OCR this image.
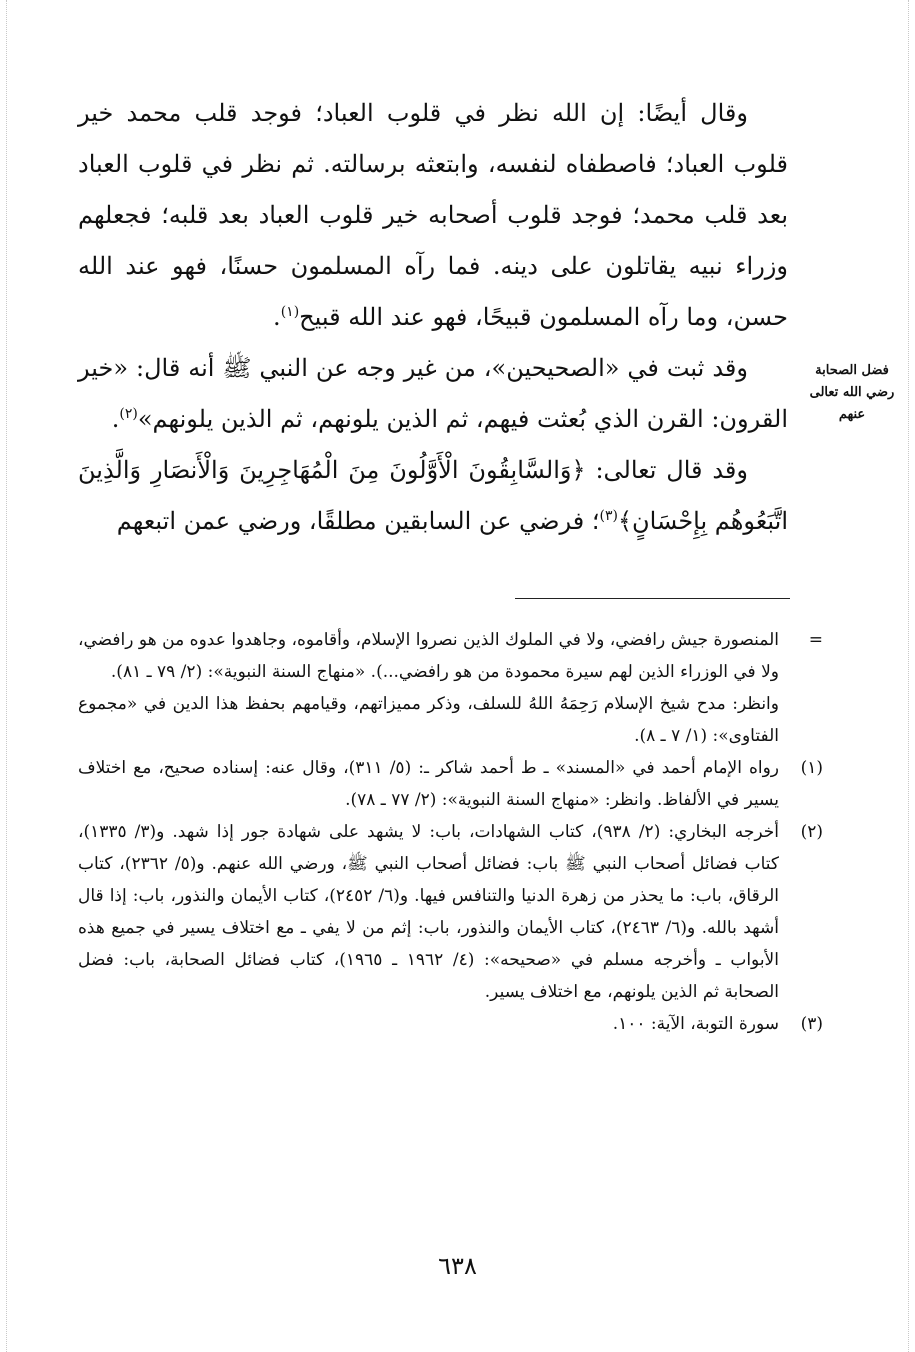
فضل الصحابة
رضي الله تعالى عنهم

وقال أيضًا: إن الله نظر في قلوب العباد؛ فوجد قلب محمد خير قلوب العباد؛ فاصطفاه لنفسه، وابتعثه برسالته. ثم نظر في قلوب العباد بعد قلب محمد؛ فوجد قلوب أصحابه خير قلوب العباد بعد قلبه؛ فجعلهم وزراء نبيه يقاتلون على دينه. فما رآه المسلمون حسنًا، فهو عند الله حسن، وما رآه المسلمون قبيحًا، فهو عند الله قبيح$^{(١)}$.

وقد ثبت في «الصحيحين»، من غير وجه عن النبي ﷺ أنه قال: «خير القرون: القرن الذي بُعثت فيهم، ثم الذين يلونهم، ثم الذين يلونهم»$^{(٢)}$.

وقد قال تعالى: ﴿وَالسَّابِقُونَ الْأَوَّلُونَ مِنَ الْمُهَاجِرِينَ وَالْأَنصَارِ وَالَّذِينَ اتَّبَعُوهُم بِإِحْسَانٍ﴾$^{(٣)}$؛ فرضي عن السابقين مطلقًا، ورضي عمن اتبعهم

=

المنصورة جيش رافضي، ولا في الملوك الذين نصروا الإسلام، وأقاموه، وجاهدوا عدوه من هو رافضي، ولا في الوزراء الذين لهم سيرة محمودة من هو رافضي...). «منهاج السنة النبوية»: (٢/ ٧٩ ـ ٨١).

وانظر: مدح شيخ الإسلام رَحِمَهُ اللهُ للسلف، وذكر مميزاتهم، وقيامهم بحفظ هذا الدين في «مجموع الفتاوى»: (١/ ٧ ـ ٨).

(١)

رواه الإمام أحمد في «المسند» ـ ط أحمد شاكر ـ: (٥/ ٣١١)، وقال عنه: إسناده صحيح، مع اختلاف يسير في الألفاظ. وانظر: «منهاج السنة النبوية»: (٢/ ٧٧ ـ ٧٨).

(٢)

أخرجه البخاري: (٢/ ٩٣٨)، كتاب الشهادات، باب: لا يشهد على شهادة جور إذا شهد. و(٣/ ١٣٣٥)، كتاب فضائل أصحاب النبي ﷺ باب: فضائل أصحاب النبي ﷺ، ورضي الله عنهم. و(٥/ ٢٣٦٢)، كتاب الرقاق، باب: ما يحذر من زهرة الدنيا والتنافس فيها. و(٦/ ٢٤٥٢)، كتاب الأيمان والنذور، باب: إذا قال أشهد بالله. و(٦/ ٢٤٦٣)، كتاب الأيمان والنذور، باب: إثم من لا يفي ـ مع اختلاف يسير في جميع هذه الأبواب ـ وأخرجه مسلم في «صحيحه»: (٤/ ١٩٦٢ ـ ١٩٦٥)، كتاب فضائل الصحابة، باب: فضل الصحابة ثم الذين يلونهم، مع اختلاف يسير.

(٣)

سورة التوبة، الآية: ١٠٠.

٦٣٨
